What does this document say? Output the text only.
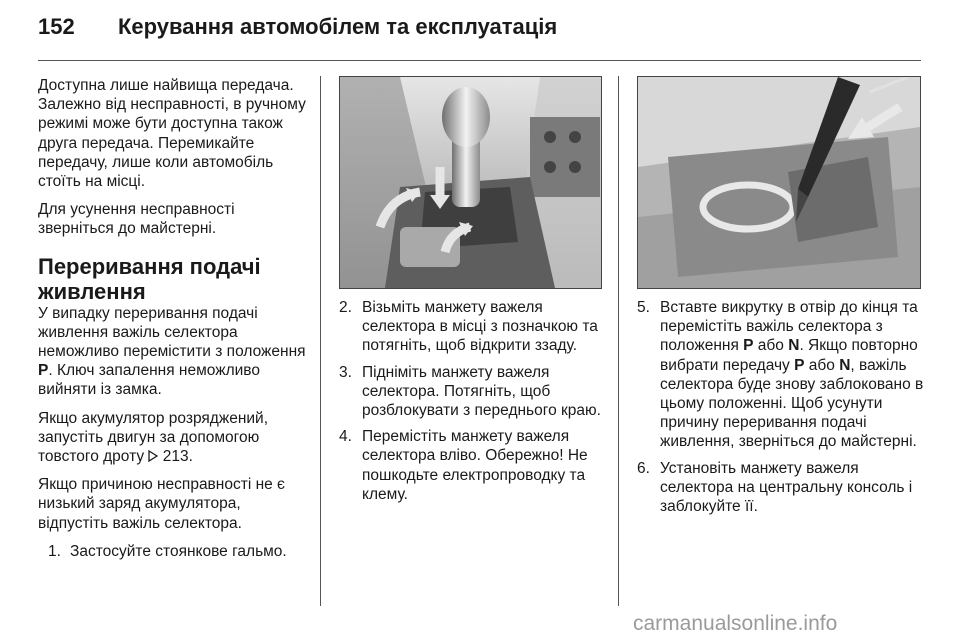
152 Керування автомобілем та експлуатація

Доступна лише найвища передача. Залежно від несправності, в ручному режимі може бути доступна також друга передача. Перемикайте передачу, лише коли автомобіль стоїть на місці.

Для усунення несправності зверніться до майстерні.

Переривання подачі живлення

У випадку переривання подачі живлення важіль селектора неможливо перемістити з положення P. Ключ запалення неможливо вийняти із замка.

Якщо акумулятор розряджений, запустіть двигун за допомогою товстого дроту  213.

Якщо причиною несправності не є низький заряд акумулятора, відпустіть важіль селектора.

1. Застосуйте стоянкове гальмо.
2. Візьміть манжету важеля селектора в місці з позначкою та потягніть, щоб відкрити ззаду.
3. Підніміть манжету важеля селектора. Потягніть, щоб розблокувати з переднього краю.
4. Перемістіть манжету важеля селектора вліво. Обережно! Не пошкодьте електропроводку та клему.
5. Вставте викрутку в отвір до кінця та перемістіть важіль селектора з положення P або N. Якщо повторно вибрати передачу P або N, важіль селектора буде знову заблоковано в цьому положенні. Щоб усунути причину переривання подачі живлення, зверніться до майстерні.
6. Установіть манжету важеля селектора на центральну консоль і заблокуйте її.
carmanualsonline.info
